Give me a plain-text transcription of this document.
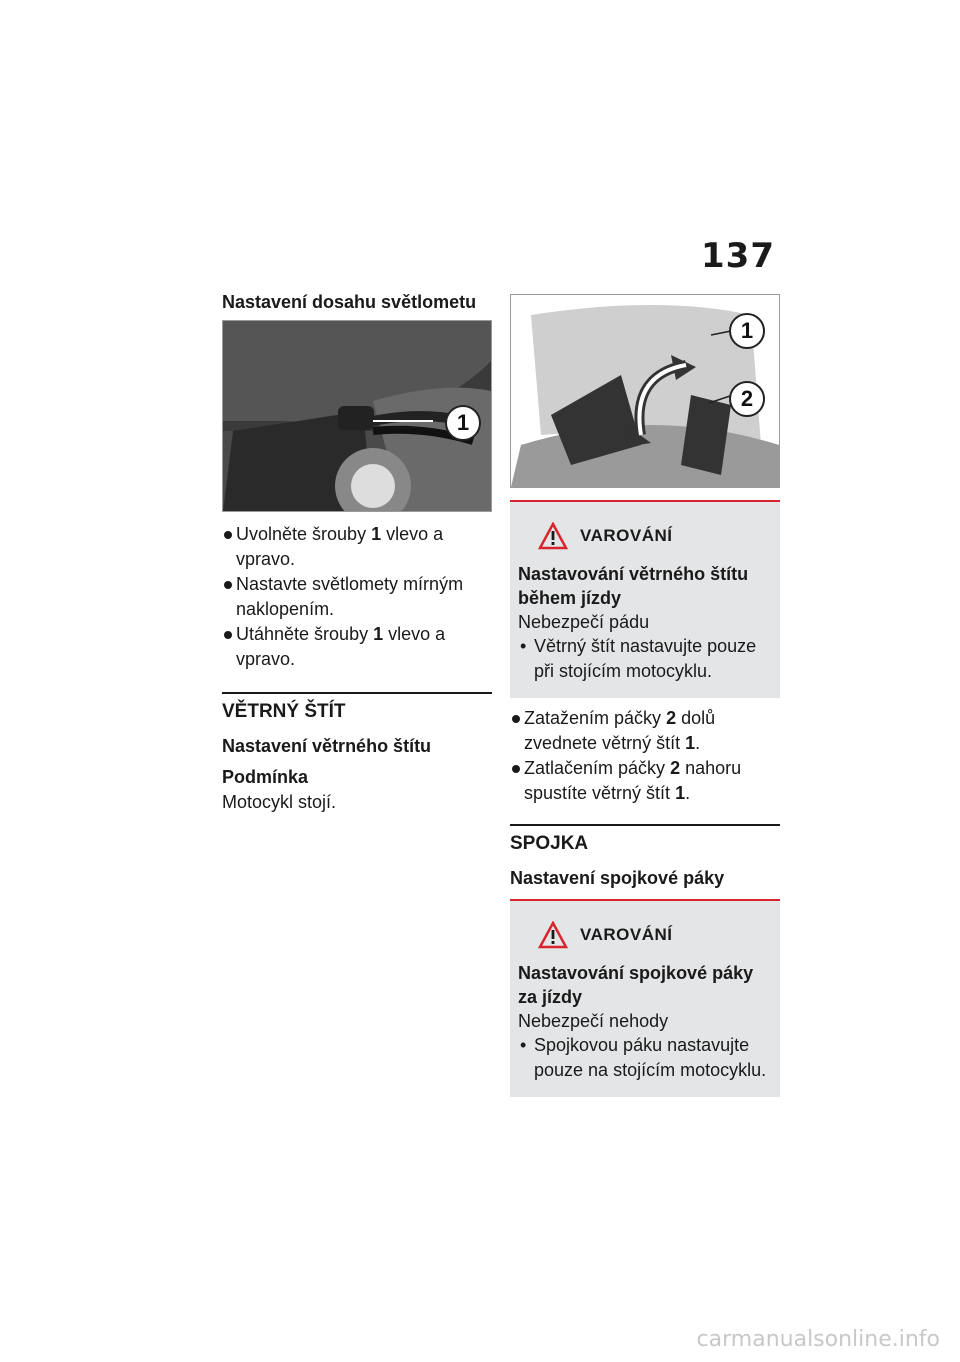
137
Nastavení dosahu světlometu
1
Uvolněte šrouby 1 vlevo a vpravo.
Nastavte světlomety mírným naklopením.
Utáhněte šrouby 1 vlevo a vpravo.
VĚTRNÝ ŠTÍT
Nastavení větrného štítu
Podmínka
Motocykl stojí.
1
2
VAROVÁNÍ
Nastavování větrného štítu během jízdy
Nebezpečí pádu
• Větrný štít nastavujte pouze při stojícím motocyklu.
Zatažením páčky 2 dolů zvednete větrný štít 1.
Zatlačením páčky 2 nahoru spustíte větrný štít 1.
SPOJKA
Nastavení spojkové páky
VAROVÁNÍ
Nastavování spojkové páky za jízdy
Nebezpečí nehody
• Spojkovou páku nastavujte pouze na stojícím motocyklu.
carmanualsonline.info
